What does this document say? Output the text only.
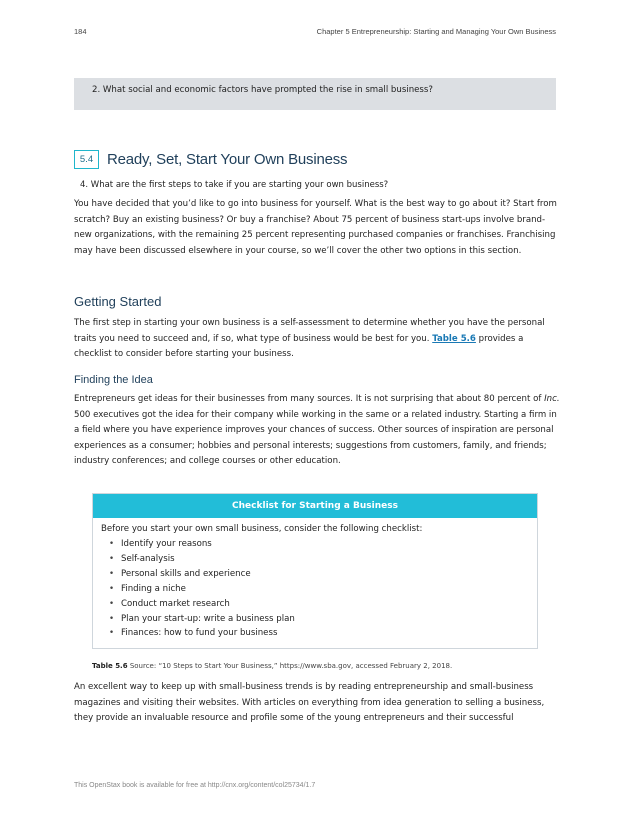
184	Chapter 5 Entrepreneurship: Starting and Managing Your Own Business
2. What social and economic factors have prompted the rise in small business?
5.4 Ready, Set, Start Your Own Business
4. What are the first steps to take if you are starting your own business?

You have decided that you’d like to go into business for yourself. What is the best way to go about it? Start from scratch? Buy an existing business? Or buy a franchise? About 75 percent of business start-ups involve brand-new organizations, with the remaining 25 percent representing purchased companies or franchises. Franchising may have been discussed elsewhere in your course, so we’ll cover the other two options in this section.

Getting Started

The first step in starting your own business is a self-assessment to determine whether you have the personal traits you need to succeed and, if so, what type of business would be best for you. Table 5.6 provides a checklist to consider before starting your business.

Finding the Idea

Entrepreneurs get ideas for their businesses from many sources. It is not surprising that about 80 percent of Inc. 500 executives got the idea for their company while working in the same or a related industry. Starting a firm in a field where you have experience improves your chances of success. Other sources of inspiration are personal experiences as a consumer; hobbies and personal interests; suggestions from customers, family, and friends; industry conferences; and college courses or other education.

Checklist for Starting a Business
Before you start your own small business, consider the following checklist:
• Identify your reasons
• Self-analysis
• Personal skills and experience
• Finding a niche
• Conduct market research
• Plan your start-up: write a business plan
• Finances: how to fund your business
Table 5.6 Source: “10 Steps to Start Your Business,” https://www.sba.gov, accessed February 2, 2018.

An excellent way to keep up with small-business trends is by reading entrepreneurship and small-business magazines and visiting their websites. With articles on everything from idea generation to selling a business, they provide an invaluable resource and profile some of the young entrepreneurs and their successful

This OpenStax book is available for free at http://cnx.org/content/col25734/1.7
